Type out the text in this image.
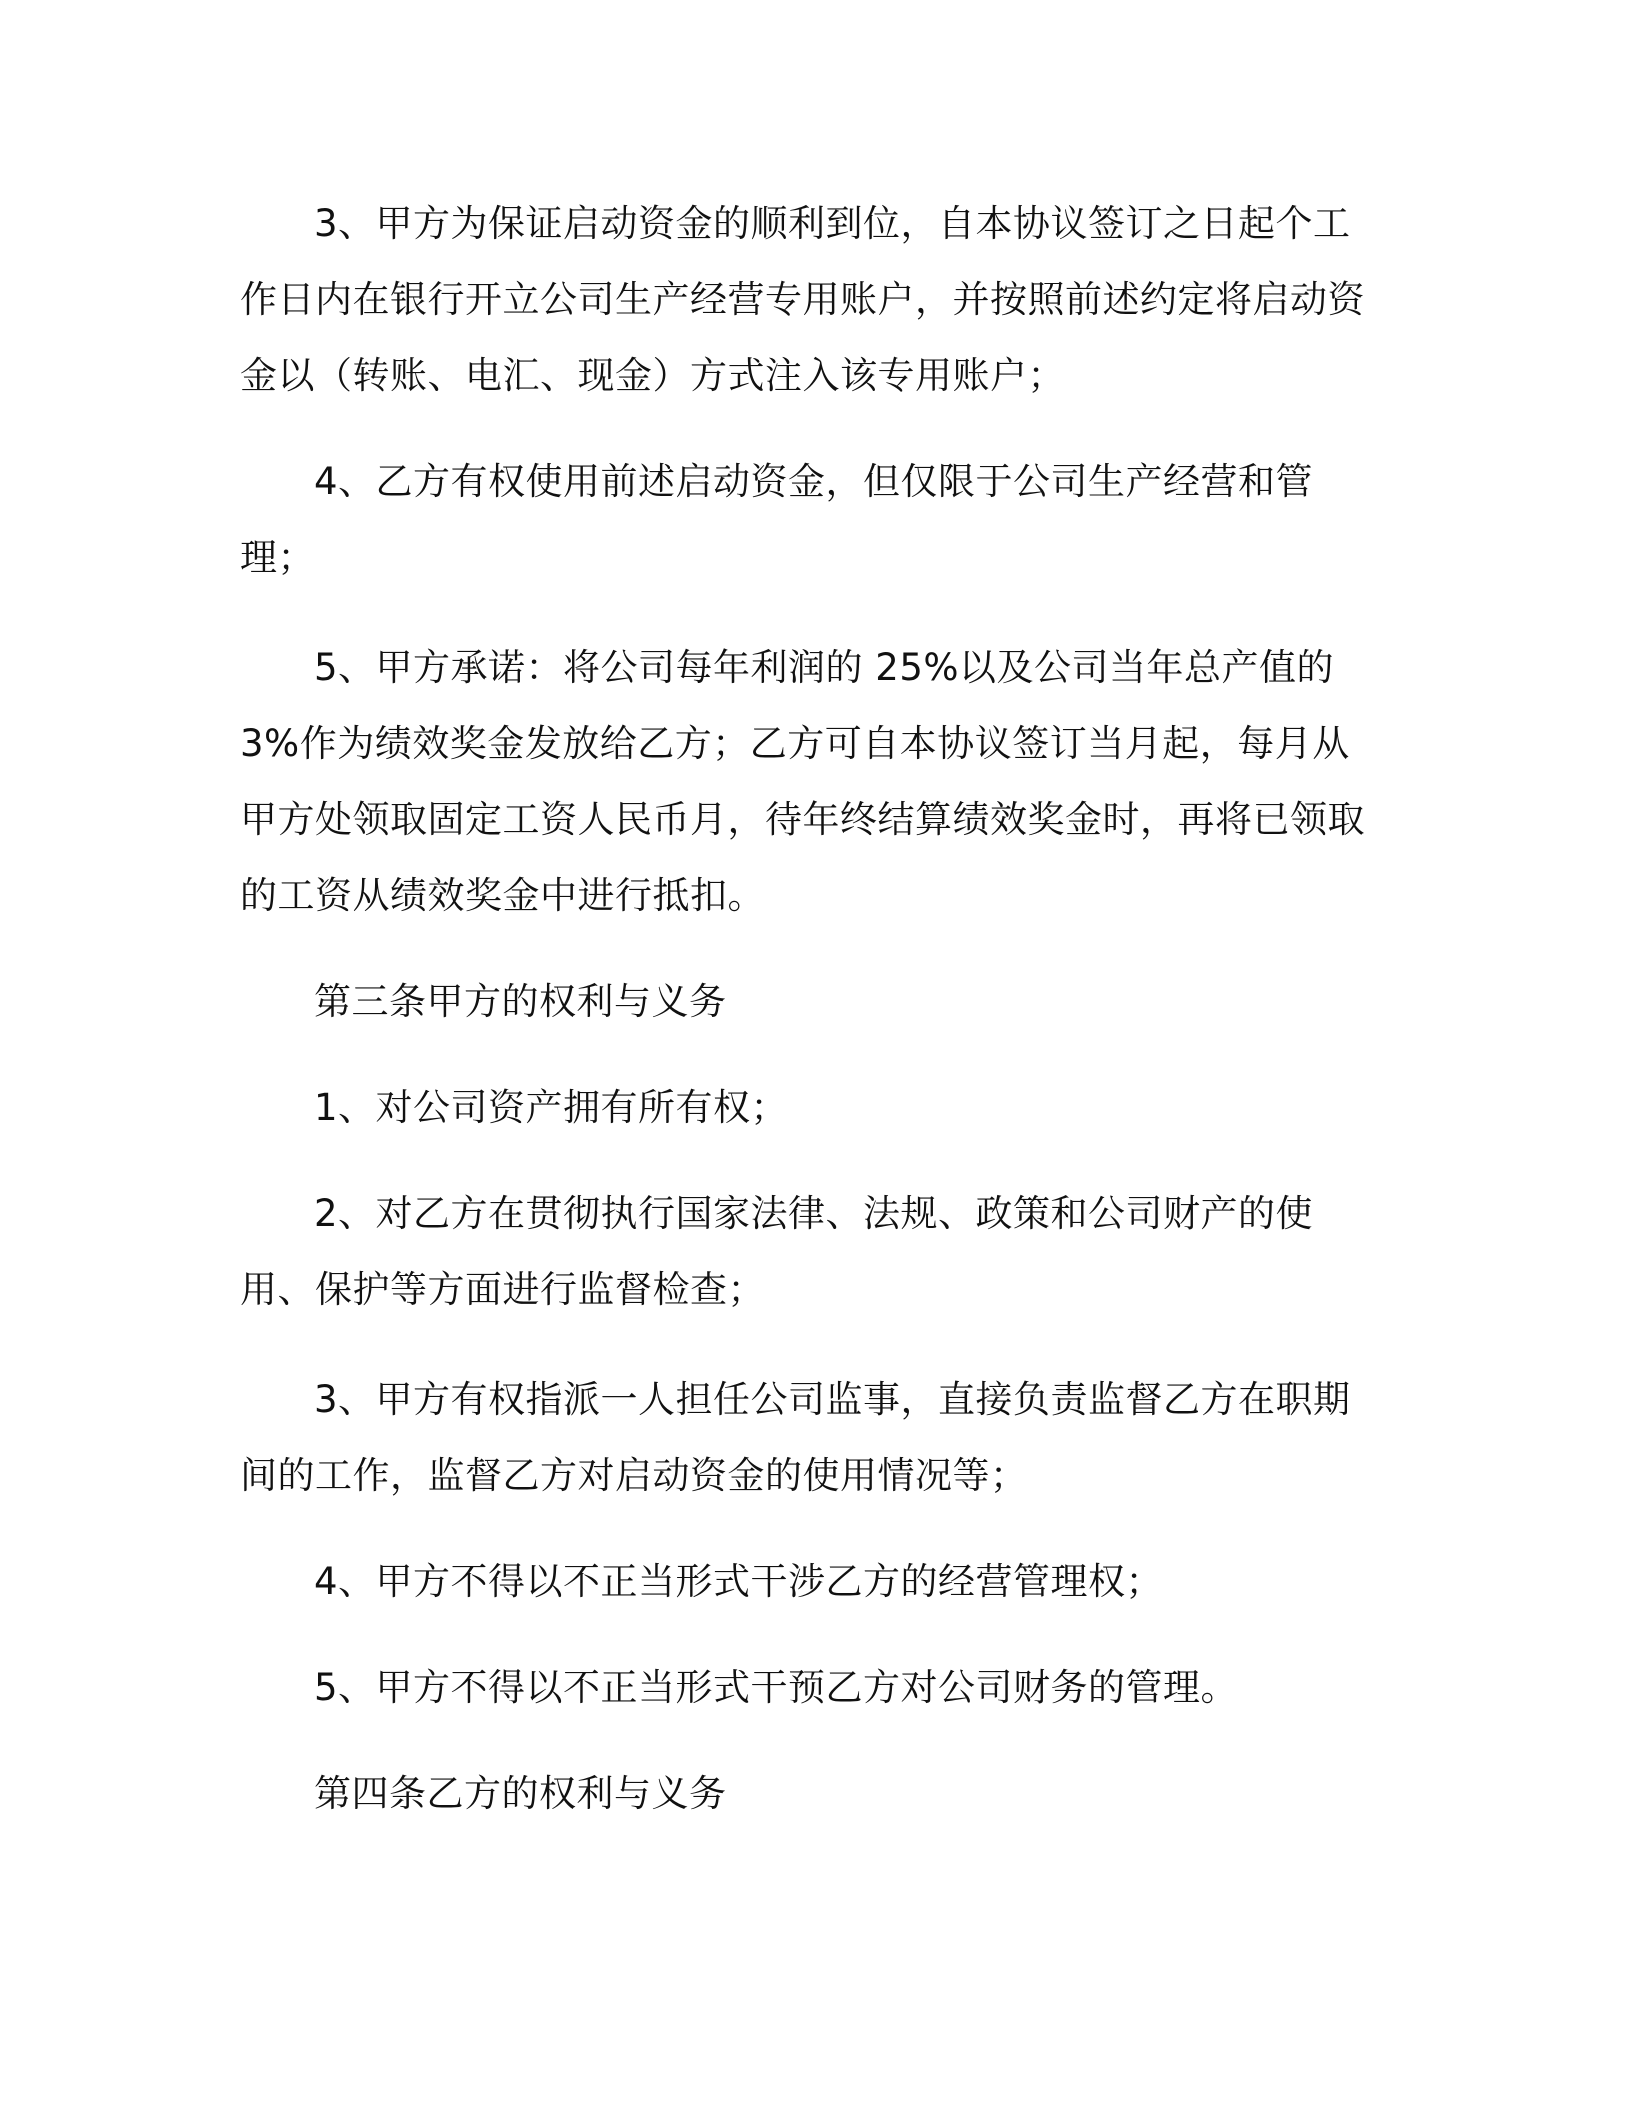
3、甲方为保证启动资金的顺利到位，自本协议签订之日起个工作日内在银行开立公司生产经营专用账户，并按照前述约定将启动资金以（转账、电汇、现金）方式注入该专用账户；

4、乙方有权使用前述启动资金，但仅限于公司生产经营和管理；

5、甲方承诺：将公司每年利润的 25%以及公司当年总产值的 3%作为绩效奖金发放给乙方；乙方可自本协议签订当月起，每月从甲方处领取固定工资人民币月，待年终结算绩效奖金时，再将已领取的工资从绩效奖金中进行抵扣。

第三条甲方的权利与义务

1、对公司资产拥有所有权；

2、对乙方在贯彻执行国家法律、法规、政策和公司财产的使用、保护等方面进行监督检查；

3、甲方有权指派一人担任公司监事，直接负责监督乙方在职期间的工作，监督乙方对启动资金的使用情况等；

4、甲方不得以不正当形式干涉乙方的经营管理权；

5、甲方不得以不正当形式干预乙方对公司财务的管理。

第四条乙方的权利与义务
